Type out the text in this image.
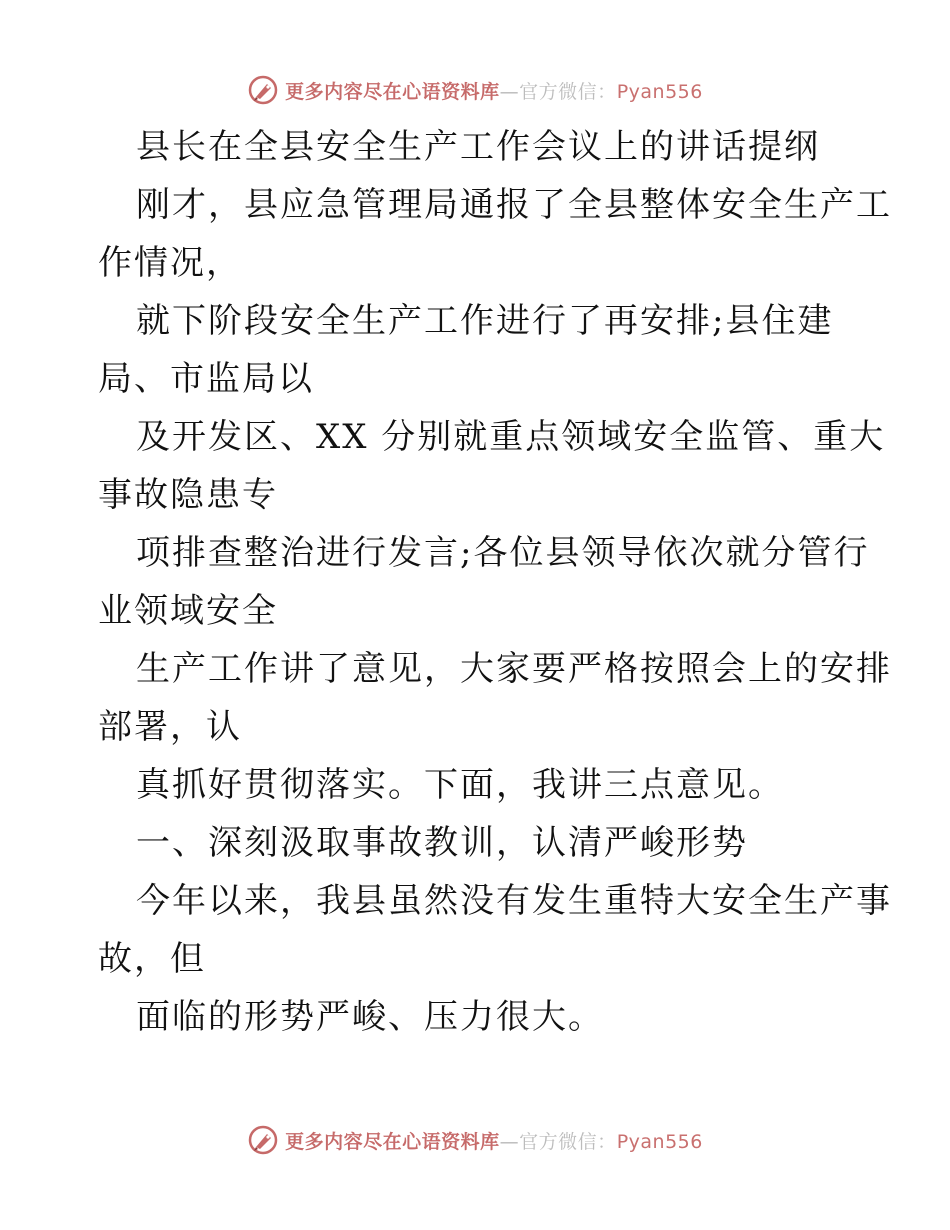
更多内容尽在心语资料库—官方微信：Pyan556
县长在全县安全生产工作会议上的讲话提纲
刚才，县应急管理局通报了全县整体安全生产工
作情况，
就下阶段安全生产工作进行了再安排;县住建
局、市监局以
及开发区、XX 分别就重点领域安全监管、重大
事故隐患专
项排查整治进行发言;各位县领导依次就分管行
业领域安全
生产工作讲了意见，大家要严格按照会上的安排
部署，认
真抓好贯彻落实。下面，我讲三点意见。
一、深刻汲取事故教训，认清严峻形势
今年以来，我县虽然没有发生重特大安全生产事
故，但
面临的形势严峻、压力很大。
更多内容尽在心语资料库—官方微信：Pyan556
